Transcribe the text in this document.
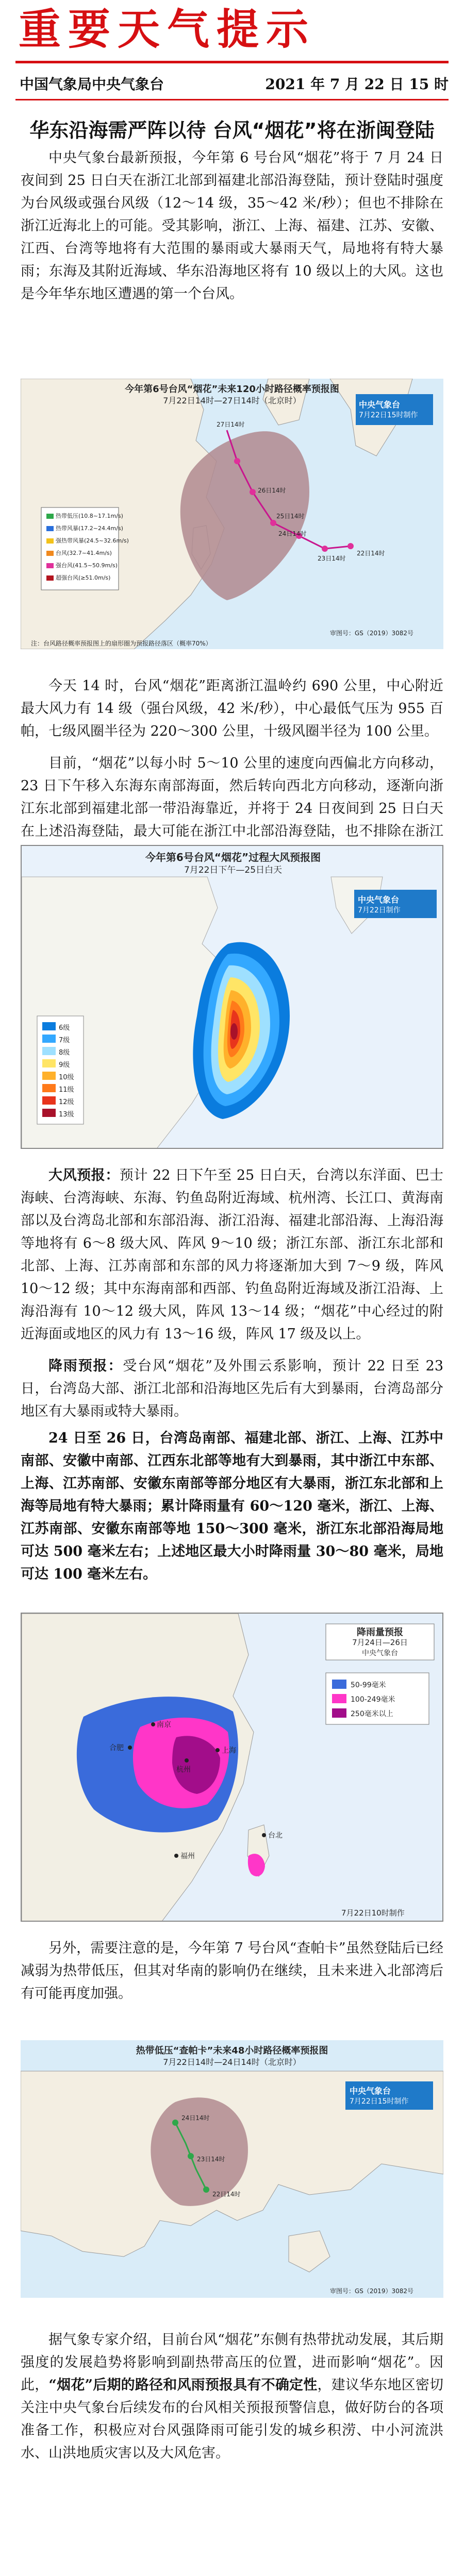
重要天气提示
中国气象局中央气象台	2021 年 7 月 22 日 15 时
华东沿海需严阵以待 台风“烟花”将在浙闽登陆

中央气象台最新预报，今年第 6 号台风“烟花”将于 7 月 24 日夜间到 25 日白天在浙江北部到福建北部沿海登陆，预计登陆时强度为台风级或强台风级（12～14 级，35～42 米/秒）；但也不排除在浙江近海北上的可能。受其影响，浙江、上海、福建、江苏、安徽、江西、台湾等地将有大范围的暴雨或大暴雨天气，局地将有特大暴雨；东海及其附近海域、华东沿海地区将有 10 级以上的大风。这也是今年华东地区遭遇的第一个台风。

今年第6号台风“烟花”未来120小时路径概率预报图
7月22日14时—27日14时（北京时）	中央气象台
7月22日15时制作
22日14时
23日14时
24日14时
25日14时
26日14时
27日14时
热带低压(10.8~17.1m/s)
热带风暴(17.2~24.4m/s)
强热带风暴(24.5~32.6m/s)
台风(32.7~41.4m/s)
强台风(41.5~50.9m/s)
超强台风(≥51.0m/s)
审图号：GS（2019）3082号
注：台风路径概率预报图上的扇形圈为预报路径落区（概率70%）

今天 14 时，台风“烟花”距离浙江温岭约 690 公里，中心附近最大风力有 14 级（强台风级，42 米/秒），中心最低气压为 955 百帕，七级风圈半径为 220～300 公里，十级风圈半径为 100 公里。

目前，“烟花”以每小时 5～10 公里的速度向西偏北方向移动，23 日下午移入东海东南部海面，然后转向西北方向移动，逐渐向浙江东北部到福建北部一带沿海靠近，并将于 24 日夜间到 25 日白天在上述沿海登陆，最大可能在浙江中北部沿海登陆，也不排除在浙江

今年第6号台风“烟花”过程大风预报图
7月22日下午—25日白天
中央气象台
7月22日制作
6级
7级
8级
9级
10级
11级
12级
13级

大风预报：预计 22 日下午至 25 日白天，台湾以东洋面、巴士海峡、台湾海峡、东海、钓鱼岛附近海域、杭州湾、长江口、黄海南部以及台湾岛北部和东部沿海、浙江沿海、福建北部沿海、上海沿海等地将有 6～8 级大风、阵风 9～10 级；浙江东部、浙江东北部和北部、上海、江苏南部和东部的风力将逐渐加大到 7～9 级，阵风 10～12 级；其中东海南部和西部、钓鱼岛附近海域及浙江沿海、上海沿海有 10～12 级大风，阵风 13～14 级；“烟花”中心经过的附近海面或地区的风力有 13～16 级，阵风 17 级及以上。

降雨预报：受台风“烟花”及外围云系影响，预计 22 日至 23 日，台湾岛大部、浙江北部和沿海地区先后有大到暴雨，台湾岛部分地区有大暴雨或特大暴雨。

24 日至 26 日，台湾岛南部、福建北部、浙江、上海、江苏中南部、安徽中南部、江西东北部等地有大到暴雨，其中浙江中东部、上海、江苏南部、安徽东南部等部分地区有大暴雨，浙江东北部和上海等局地有特大暴雨；累计降雨量有 60～120 毫米，浙江、上海、江苏南部、安徽东南部等地 150～300 毫米，浙江东北部沿海局地可达 500 毫米左右；上述地区最大小时降雨量 30～80 毫米，局地可达 100 毫米左右。

降雨量预报
7月24日—26日
中央气象台
50-99毫米
100-249毫米
250毫米以上
南京
合肥
杭州
上海
福州
台北
7月22日10时制作

另外，需要注意的是，今年第 7 号台风“查帕卡”虽然登陆后已经减弱为热带低压，但其对华南的影响仍在继续，且未来进入北部湾后有可能再度加强。

热带低压“查帕卡”未来48小时路径概率预报图
7月22日14时—24日14时（北京时）
中央气象台
7月22日15时制作
22日14时
23日14时
24日14时
审图号：GS（2019）3082号

据气象专家介绍，目前台风“烟花”东侧有热带扰动发展，其后期强度的发展趋势将影响到副热带高压的位置，进而影响“烟花”。因此，“烟花”后期的路径和风雨预报具有不确定性，建议华东地区密切关注中央气象台后续发布的台风相关预报预警信息，做好防台的各项准备工作，积极应对台风强降雨可能引发的城乡积涝、中小河流洪水、山洪地质灾害以及大风危害。
